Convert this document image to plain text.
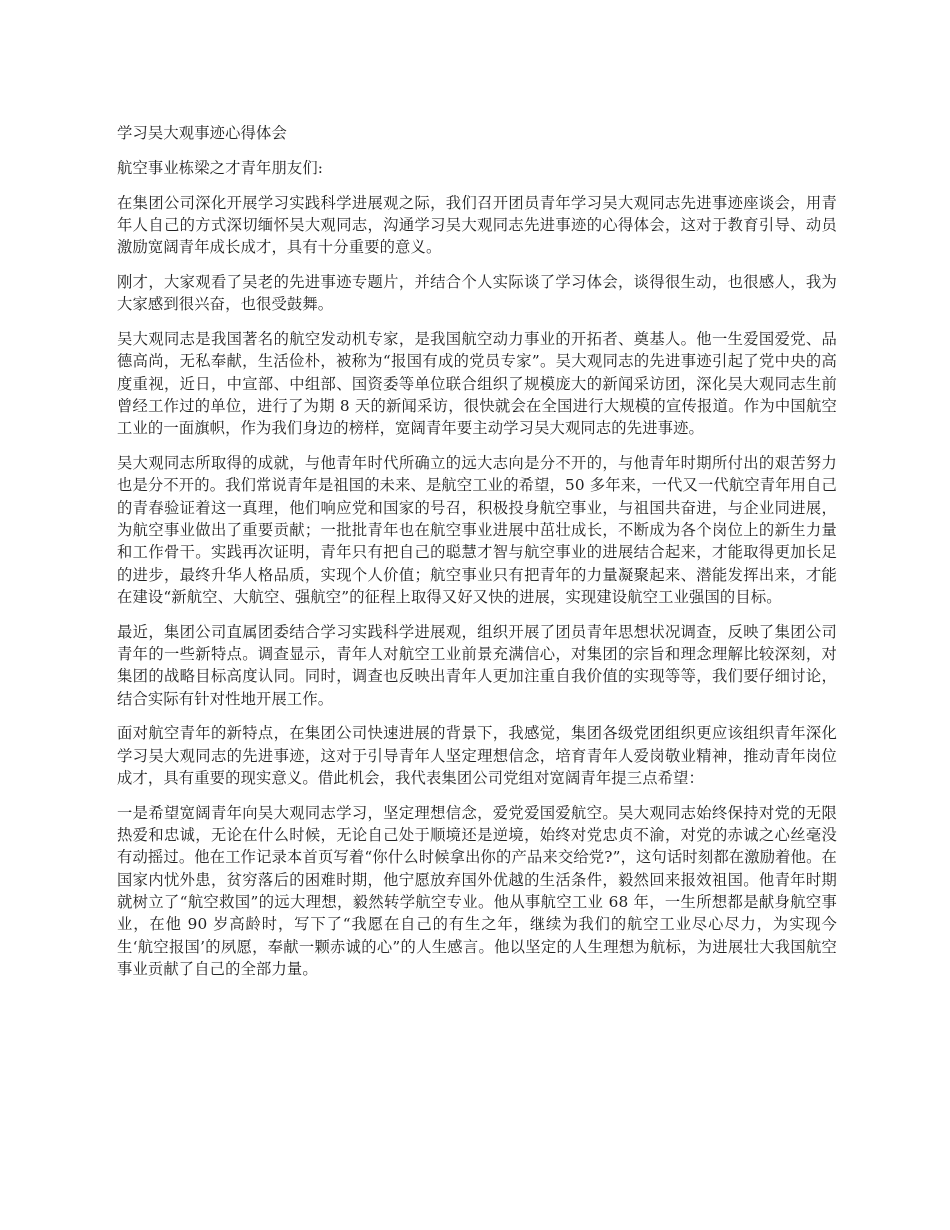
学习吴大观事迹心得体会

航空事业栋梁之才青年朋友们:

在集团公司深化开展学习实践科学进展观之际，我们召开团员青年学习吴大观同志先进事迹座谈会，用青年人自己的方式深切缅怀吴大观同志，沟通学习吴大观同志先进事迹的心得体会，这对于教育引导、动员激励宽阔青年成长成才，具有十分重要的意义。

刚才，大家观看了吴老的先进事迹专题片，并结合个人实际谈了学习体会，谈得很生动，也很感人，我为大家感到很兴奋，也很受鼓舞。

吴大观同志是我国著名的航空发动机专家，是我国航空动力事业的开拓者、奠基人。他一生爱国爱党、品德高尚，无私奉献，生活俭朴，被称为“报国有成的党员专家”。吴大观同志的先进事迹引起了党中央的高度重视，近日，中宣部、中组部、国资委等单位联合组织了规模庞大的新闻采访团，深化吴大观同志生前曾经工作过的单位，进行了为期 8 天的新闻采访，很快就会在全国进行大规模的宣传报道。作为中国航空工业的一面旗帜，作为我们身边的榜样，宽阔青年要主动学习吴大观同志的先进事迹。

吴大观同志所取得的成就，与他青年时代所确立的远大志向是分不开的，与他青年时期所付出的艰苦努力也是分不开的。我们常说青年是祖国的未来、是航空工业的希望，50 多年来，一代又一代航空青年用自己的青春验证着这一真理，他们响应党和国家的号召，积极投身航空事业，与祖国共奋进，与企业同进展，为航空事业做出了重要贡献；一批批青年也在航空事业进展中茁壮成长，不断成为各个岗位上的新生力量和工作骨干。实践再次证明，青年只有把自己的聪慧才智与航空事业的进展结合起来，才能取得更加长足的进步，最终升华人格品质，实现个人价值；航空事业只有把青年的力量凝聚起来、潜能发挥出来，才能在建设“新航空、大航空、强航空”的征程上取得又好又快的进展，实现建设航空工业强国的目标。

最近，集团公司直属团委结合学习实践科学进展观，组织开展了团员青年思想状况调查，反映了集团公司青年的一些新特点。调查显示，青年人对航空工业前景充满信心，对集团的宗旨和理念理解比较深刻，对集团的战略目标高度认同。同时，调查也反映出青年人更加注重自我价值的实现等等，我们要仔细讨论，结合实际有针对性地开展工作。

面对航空青年的新特点，在集团公司快速进展的背景下，我感觉，集团各级党团组织更应该组织青年深化学习吴大观同志的先进事迹，这对于引导青年人坚定理想信念，培育青年人爱岗敬业精神，推动青年岗位成才，具有重要的现实意义。借此机会，我代表集团公司党组对宽阔青年提三点希望：

一是希望宽阔青年向吴大观同志学习，坚定理想信念，爱党爱国爱航空。吴大观同志始终保持对党的无限热爱和忠诚，无论在什么时候，无论自己处于顺境还是逆境，始终对党忠贞不渝，对党的赤诚之心丝毫没有动摇过。他在工作记录本首页写着“你什么时候拿出你的产品来交给党?”，这句话时刻都在激励着他。在国家内忧外患，贫穷落后的困难时期，他宁愿放弃国外优越的生活条件，毅然回来报效祖国。他青年时期就树立了“航空救国”的远大理想，毅然转学航空专业。他从事航空工业 68 年，一生所想都是献身航空事业，在他 90 岁高龄时，写下了“我愿在自己的有生之年，继续为我们的航空工业尽心尽力，为实现今生‘航空报国’的夙愿，奉献一颗赤诚的心”的人生感言。他以坚定的人生理想为航标，为进展壮大我国航空事业贡献了自己的全部力量。
